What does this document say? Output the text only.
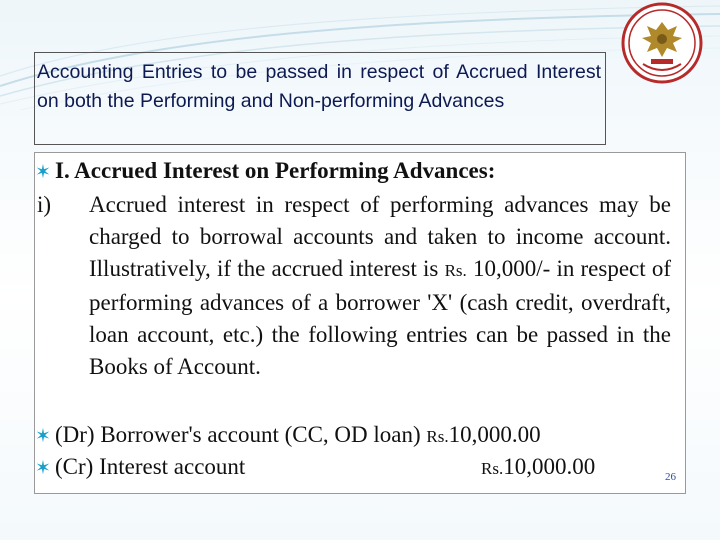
Accounting Entries to be passed in respect of Accrued Interest on both the Performing and Non-performing Advances
✶ I. Accrued Interest on Performing Advances:
i) Accrued interest in respect of performing advances may be charged to borrowal accounts and taken to income account. Illustratively, if the accrued interest is Rs. 10,000/- in respect of performing advances of a borrower 'X' (cash credit, overdraft, loan account, etc.) the following entries can be passed in the Books of Account.
✶ (Dr) Borrower's account (CC, OD loan) Rs.10,000.00
✶ (Cr) Interest account	Rs.10,000.00	26
